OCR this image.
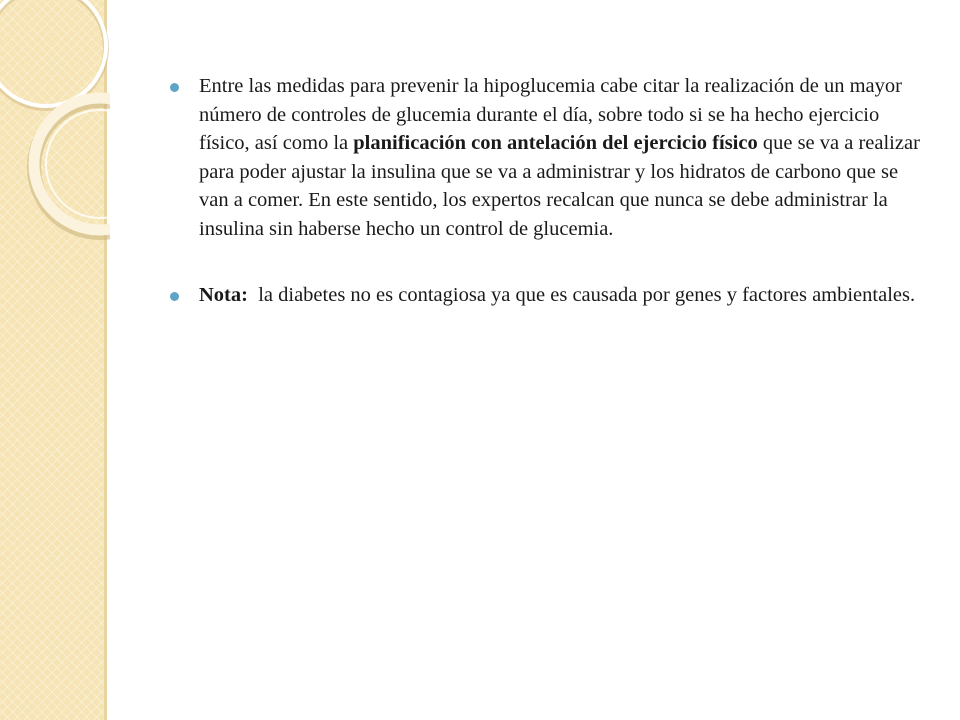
Entre las medidas para prevenir la hipoglucemia cabe citar la realización de un mayor número de controles de glucemia durante el día, sobre todo si se ha hecho ejercicio físico, así como la planificación con antelación del ejercicio físico que se va a realizar para poder ajustar la insulina que se va a administrar y los hidratos de carbono que se van a comer. En este sentido, los expertos recalcan que nunca se debe administrar la insulina sin haberse hecho un control de glucemia.

Nota:  la diabetes no es contagiosa ya que es causada por genes y factores ambientales.
